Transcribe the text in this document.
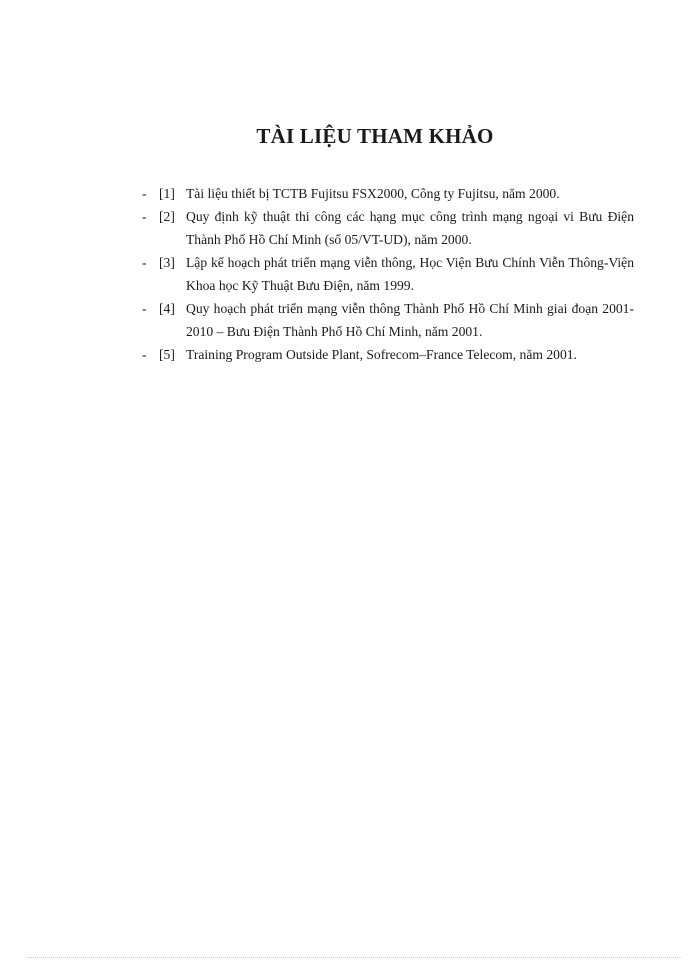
TÀI LIỆU THAM KHẢO
- [1] Tài liệu thiết bị TCTB Fujitsu FSX2000, Công ty Fujitsu, năm 2000.
- [2] Quy định kỹ thuật thi công các hạng mục công trình mạng ngoại vi Bưu Điện Thành Phố Hồ Chí Minh (số 05/VT-UD), năm 2000.
- [3] Lập kế hoạch phát triển mạng viễn thông, Học Viện Bưu Chính Viễn Thông-Viện Khoa học Kỹ Thuật Bưu Điện, năm 1999.
- [4] Quy hoạch phát triển mạng viễn thông Thành Phố Hồ Chí Minh giai đoạn 2001-2010 – Bưu Điện Thành Phố Hồ Chí Minh, năm 2001.
- [5] Training Program Outside Plant, Sofrecom–France Telecom, năm 2001.
